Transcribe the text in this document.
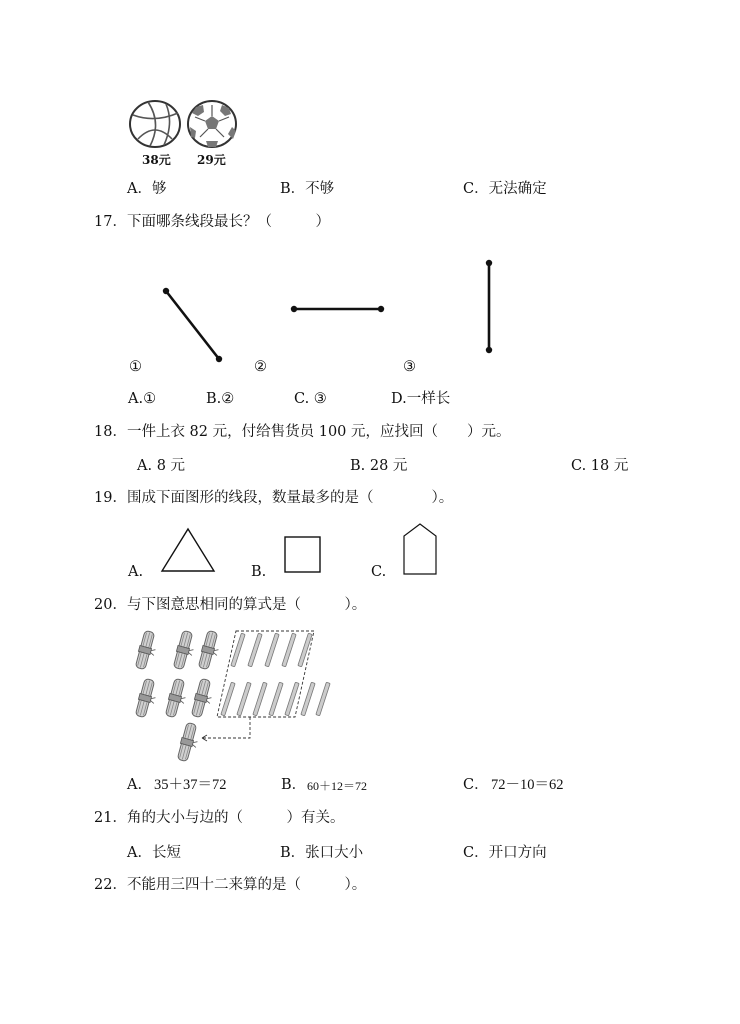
38元 29元
A．够	B．不够	C．无法确定
17．下面哪条线段最长？（　　　）
①	②	③
A.①	B.②	C. ③	D.一样长
18．一件上衣 82 元，付给售货员 100 元，应找回（　　）元。
A. 8 元	B. 28 元	C. 18 元
19．围成下面图形的线段，数量最多的是（　　　　）。
A.	B.	C.
20．与下图意思相同的算式是（　　　）。
A． 35＋37＝72	B． 60＋12＝72	C． 72－10＝62
21．角的大小与边的（　　　）有关。
A．长短	B．张口大小	C．开口方向
22．不能用三四十二来算的是（　　　）。
